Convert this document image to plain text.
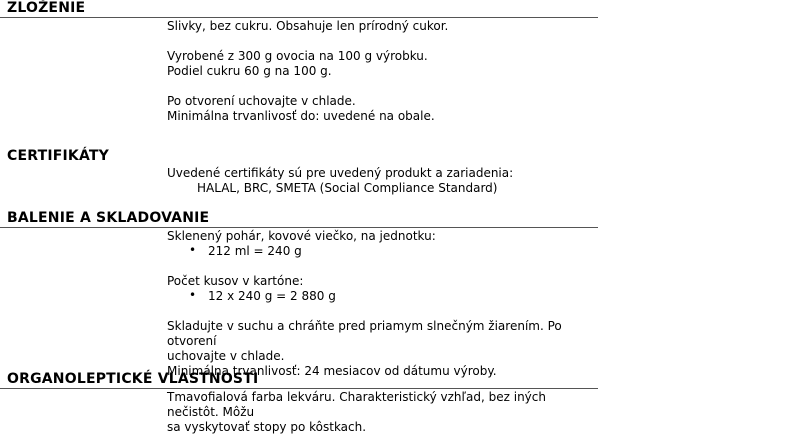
ZLOŽENIE

Slivky, bez cukru. Obsahuje len prírodný cukor.

Vyrobené z 300 g ovocia na 100 g výrobku.

Podiel cukru 60 g na 100 g.

Po otvorení uchovajte v chlade.

Minimálna trvanlivosť do: uvedené na obale.

CERTIFIKÁTY

Uvedené certifikáty sú pre uvedený produkt a zariadenia:

HALAL, BRC, SMETA (Social Compliance Standard)

BALENIE A SKLADOVANIE

Sklenený pohár, kovové viečko, na jednotku:

• 212 ml = 240 g

Počet kusov v kartóne:

• 12 x 240 g = 2 880 g

Skladujte v suchu a chráňte pred priamym slnečným žiarením. Po otvorení

uchovajte v chlade.

Minimálna trvanlivosť: 24 mesiacov od dátumu výroby.

ORGANOLEPTICKÉ VLASTNOSTI

Tmavofialová farba lekváru. Charakteristický vzhľad, bez iných nečistôt. Môžu

sa vyskytovať stopy po kôstkach.
